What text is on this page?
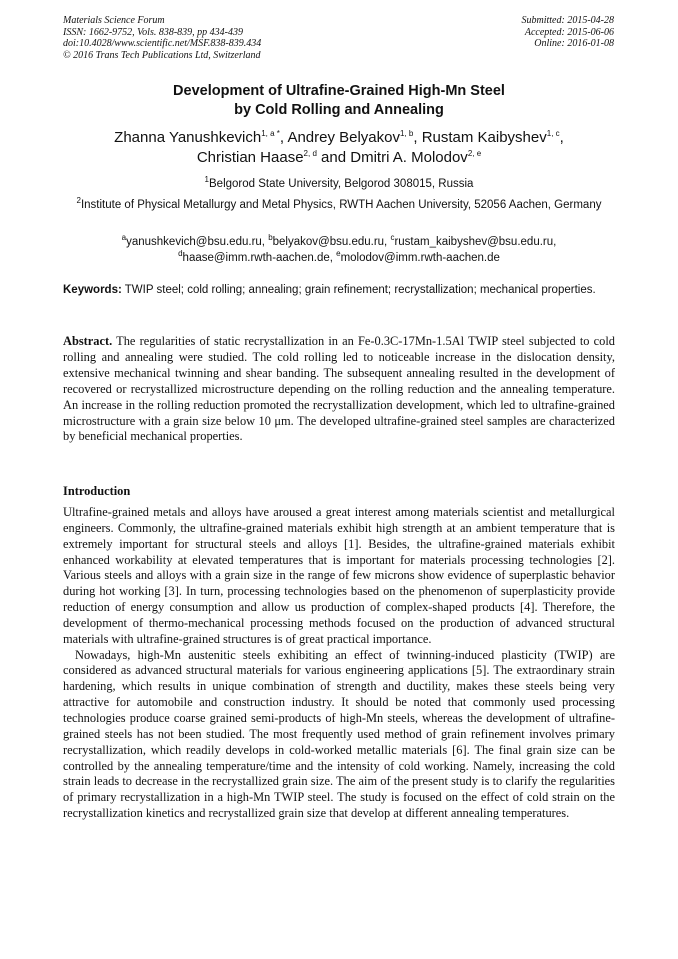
Materials Science Forum
ISSN: 1662-9752, Vols. 838-839, pp 434-439
doi:10.4028/www.scientific.net/MSF.838-839.434
© 2016 Trans Tech Publications Ltd, Switzerland
Submitted: 2015-04-28
Accepted: 2015-06-06
Online: 2016-01-08
Development of Ultrafine-Grained High-Mn Steel
by Cold Rolling and Annealing
Zhanna Yanushkevich$^{1, a *}$, Andrey Belyakov$^{1, b}$, Rustam Kaibyshev$^{1, c}$,
Christian Haase$^{2, d}$ and Dmitri A. Molodov$^{2, e}$
$^1$Belgorod State University, Belgorod 308015, Russia
$^2$Institute of Physical Metallurgy and Metal Physics, RWTH Aachen University, 52056 Aachen, Germany
$^a$yanushkevich@bsu.edu.ru, $^b$belyakov@bsu.edu.ru, $^c$rustam_kaibyshev@bsu.edu.ru,
$^d$haase@imm.rwth-aachen.de, $^e$molodov@imm.rwth-aachen.de
Keywords: TWIP steel; cold rolling; annealing; grain refinement; recrystallization; mechanical properties.
Abstract. The regularities of static recrystallization in an Fe-0.3C-17Mn-1.5Al TWIP steel subjected to cold rolling and annealing were studied. The cold rolling led to noticeable increase in the dislocation density, extensive mechanical twinning and shear banding. The subsequent annealing resulted in the development of recovered or recrystallized microstructure depending on the rolling reduction and the annealing temperature. An increase in the rolling reduction promoted the recrystallization development, which led to ultrafine-grained microstructure with a grain size below 10 μm. The developed ultrafine-grained steel samples are characterized by beneficial mechanical properties.
Introduction

Ultrafine-grained metals and alloys have aroused a great interest among materials scientist and metallurgical engineers. Commonly, the ultrafine-grained materials exhibit high strength at an ambient temperature that is extremely important for structural steels and alloys [1]. Besides, the ultrafine-grained materials exhibit enhanced workability at elevated temperatures that is important for materials processing technologies [2]. Various steels and alloys with a grain size in the range of few microns show evidence of superplastic behavior during hot working [3]. In turn, processing technologies based on the phenomenon of superplasticity provide reduction of energy consumption and allow us production of complex-shaped products [4]. Therefore, the development of thermo-mechanical processing methods focused on the production of advanced structural materials with ultrafine-grained structures is of great practical importance.

Nowadays, high-Mn austenitic steels exhibiting an effect of twinning-induced plasticity (TWIP) are considered as advanced structural materials for various engineering applications [5]. The extraordinary strain hardening, which results in unique combination of strength and ductility, makes these steels being very attractive for automobile and construction industry. It should be noted that commonly used processing technologies produce coarse grained semi-products of high-Mn steels, whereas the development of ultrafine-grained steels has not been studied. The most frequently used method of grain refinement involves primary recrystallization, which readily develops in cold-worked metallic materials [6]. The final grain size can be controlled by the annealing temperature/time and the intensity of cold working. Namely, increasing the cold strain leads to decrease in the recrystallized grain size. The aim of the present study is to clarify the regularities of primary recrystallization in a high-Mn TWIP steel. The study is focused on the effect of cold strain on the recrystallization kinetics and recrystallized grain size that develop at different annealing temperatures.
